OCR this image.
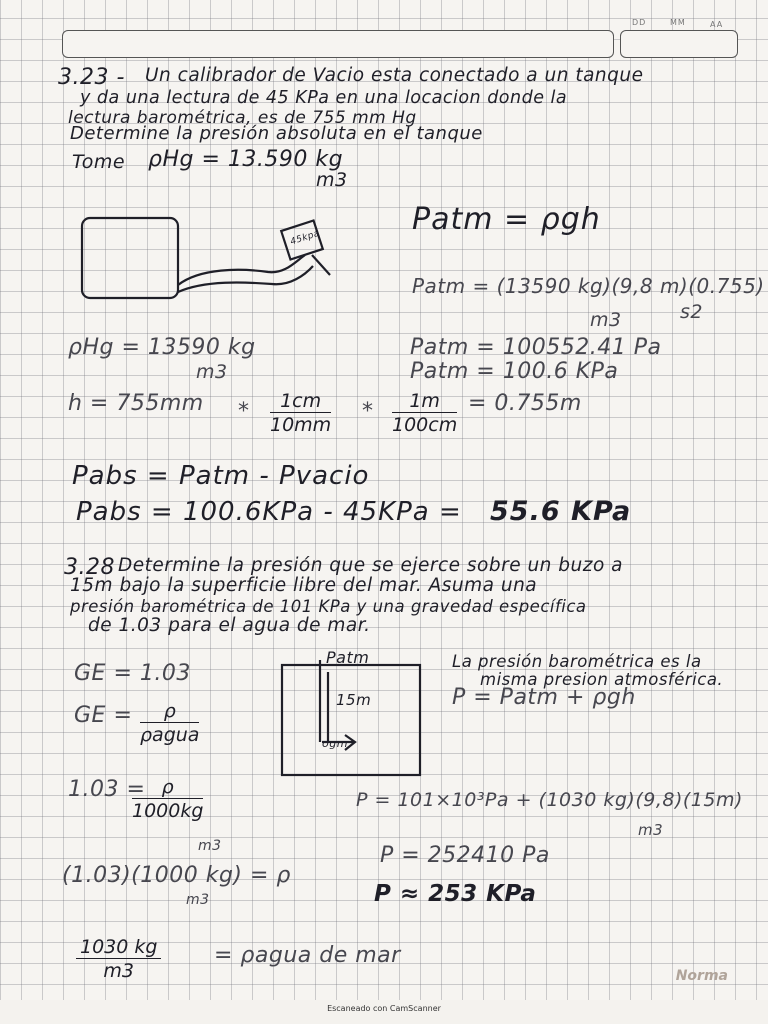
DD	MM	AA
3.23 - Un calibrador de Vacio esta conectado a un tanque
y da una lectura de 45 KPa en una locacion donde la
lectura barométrica, es de 755 mm Hg
Determine la presión absoluta en el tanque
Tome ρHg = 13.590 kg
m3
45kpa
Patm = ρgh
Patm = (13590 kg)(9,8 m)(0.755)
m3	s2
ρHg = 13590 kg
m3
Patm = 100552.41 Pa
Patm = 100.6 KPa
$h = 755mm * \frac{1cm}{10mm} * \frac{1m}{100cm} = 0.755m$
Pabs = Patm - Pvacio
Pabs = 100.6KPa - 45KPa = 55.6 KPa
3.28 Determine la presión que se ejerce sobre un buzo a
15m bajo la superficie libre del mar. Asuma una
presión barométrica de 101 KPa y una gravedad específica
de 1.03 para el agua de mar.
Patm
15m
ogm
La presión barométrica es la
misma presion atmosférica.
P = Patm + ρgh
GE = 1.03
GE =	ρ
ρagua
1.03 =
$\frac{\rho}{1000kg}$
m3
P = 101×10³Pa + (1030 kg)(9,8)(15m)
m3
P = 252410 Pa
P ≈ 253 KPa
(1.03)(1000 kg) = ρ
m3
$\frac{1030 kg}{m3}$ = ρagua de mar
Norma
Escaneado con CamScanner
